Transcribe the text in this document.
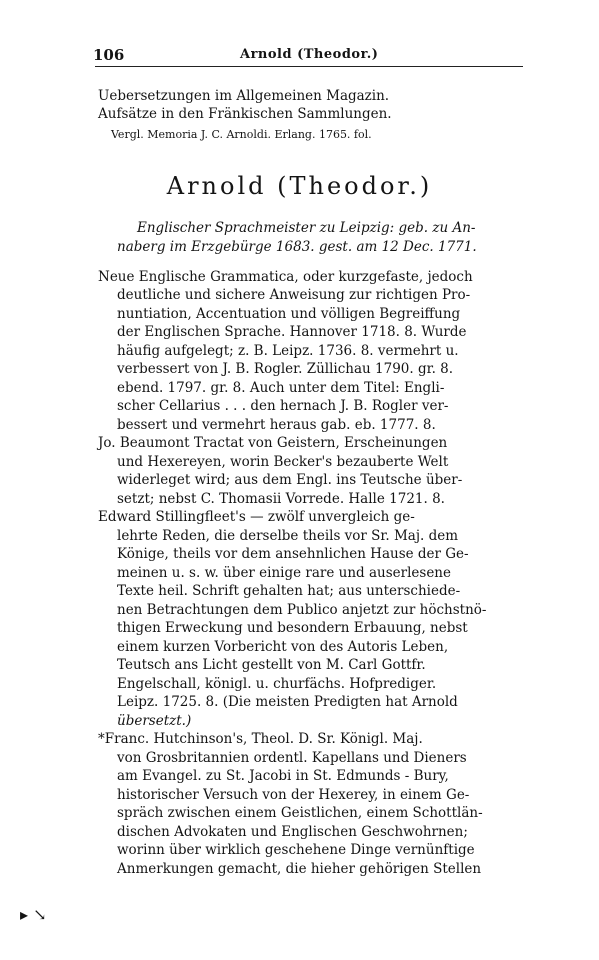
106	Arnold (Theodor.)
Uebersetzungen im Allgemeinen Magazin.
Aufsätze in den Fränkischen Sammlungen.
Vergl. Memoria J. C. Arnoldi. Erlang. 1765. fol.
Arnold (Theodor.)
Englischer Sprachmeister zu Leipzig: geb. zu An-
naberg im Erzgebürge 1683. gest. am 12 Dec. 1771.
Neue Englische Grammatica, oder kurzgefaste, jedoch
deutliche und sichere Anweisung zur richtigen Pro-
nuntiation, Accentuation und völligen Begreiffung
der Englischen Sprache. Hannover 1718. 8. Wurde
häufig aufgelegt; z. B. Leipz. 1736. 8. vermehrt u.
verbessert von J. B. Rogler. Züllichau 1790. gr. 8.
ebend. 1797. gr. 8. Auch unter dem Titel: Engli-
scher Cellarius . . . den hernach J. B. Rogler ver-
bessert und vermehrt heraus gab. eb. 1777. 8.
Jo. Beaumont Tractat von Geistern, Erscheinungen
und Hexereyen, worin Becker's bezauberte Welt
widerleget wird; aus dem Engl. ins Teutsche über-
setzt; nebst C. Thomasii Vorrede. Halle 1721. 8.
Edward Stillingfleet's — zwölf unvergleich ge-
lehrte Reden, die derselbe theils vor Sr. Maj. dem
Könige, theils vor dem ansehnlichen Hause der Ge-
meinen u. s. w. über einige rare und auserlesene
Texte heil. Schrift gehalten hat; aus unterschiede-
nen Betrachtungen dem Publico anjetzt zur höchstnö-
thigen Erweckung und besondern Erbauung, nebst
einem kurzen Vorbericht von des Autoris Leben,
Teutsch ans Licht gestellt von M. Carl Gottfr.
Engelschall, königl. u. churfächs. Hofprediger.
Leipz. 1725. 8. (Die meisten Predigten hat Arnold
übersetzt.)
*Franc. Hutchinson's, Theol. D. Sr. Königl. Maj.
von Grosbritannien ordentl. Kapellans und Dieners
am Evangel. zu St. Jacobi in St. Edmunds - Bury,
historischer Versuch von der Hexerey, in einem Ge-
spräch zwischen einem Geistlichen, einem Schottlän-
dischen Advokaten und Englischen Geschwohrnen;
worinn über wirklich geschehene Dinge vernünftige
Anmerkungen gemacht, die hieher gehörigen Stellen
▸ ↘
